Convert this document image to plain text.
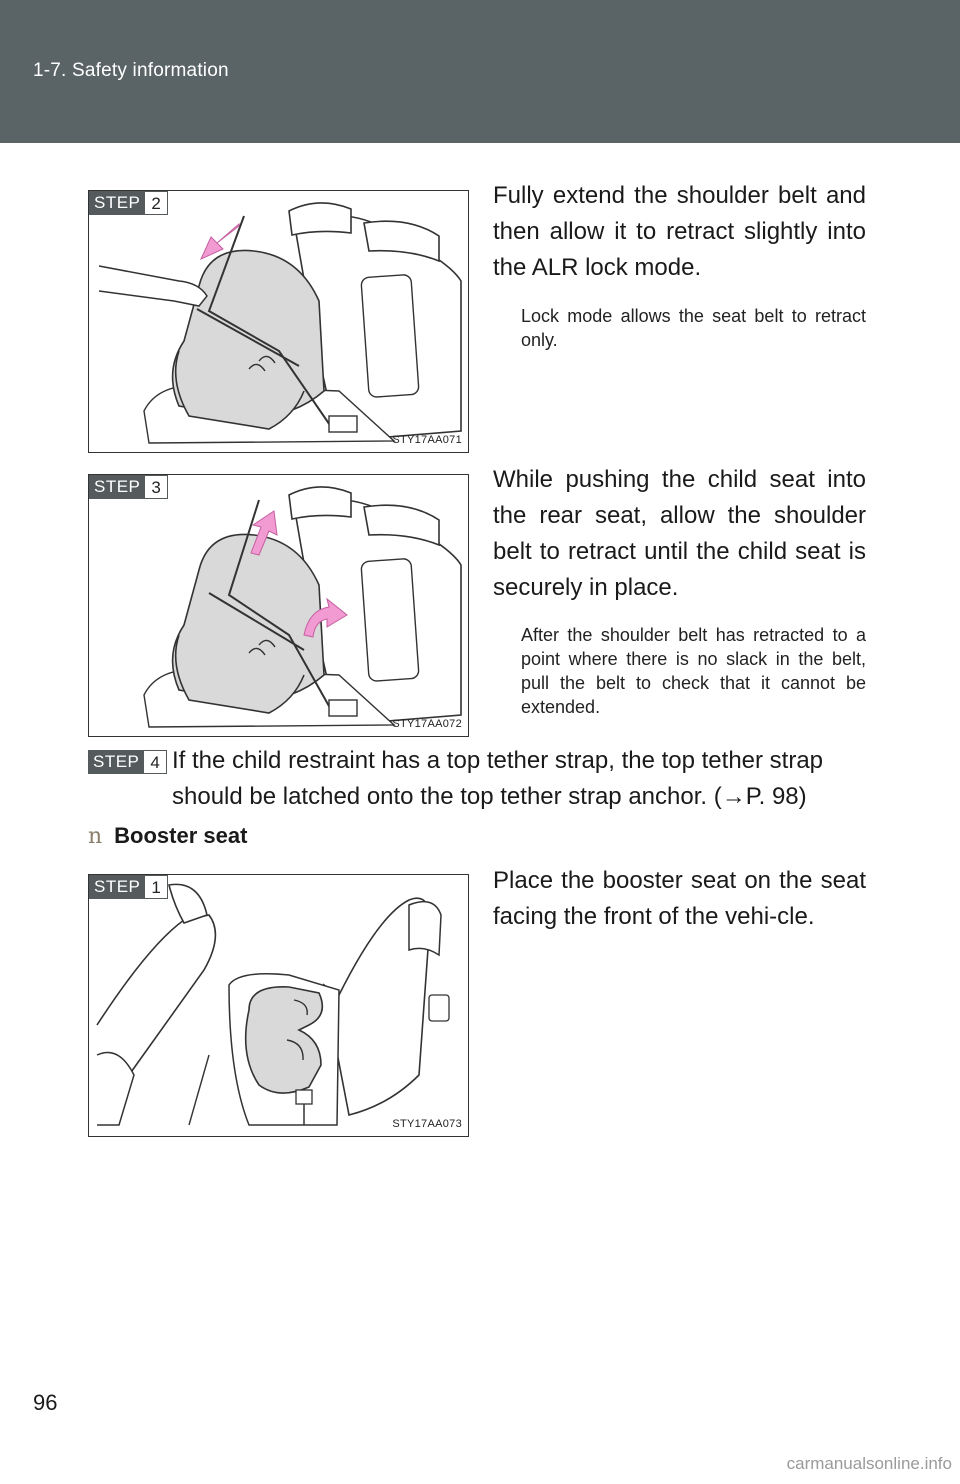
1-7. Safety information
STEP 2
STY17AA071
Fully extend the shoulder belt and then allow it to retract slightly into the ALR lock mode.
Lock mode allows the seat belt to retract only.
STEP 3
STY17AA072
While pushing the child seat into the rear seat, allow the shoulder belt to retract until the child seat is securely in place.
After the shoulder belt has retracted to a point where there is no slack in the belt, pull the belt to check that it cannot be extended.
STEP 4 If the child restraint has a top tether strap, the top tether strap should be latched onto the top tether strap anchor. (→P. 98)
n Booster seat
STEP 1
STY17AA073
Place the booster seat on the seat facing the front of the vehi-cle.
96
carmanualsonline.info
